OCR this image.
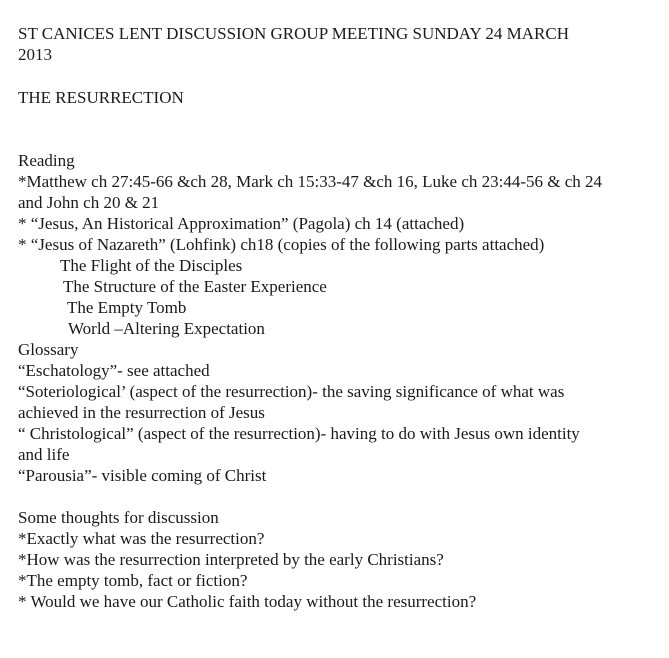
ST CANICES LENT DISCUSSION GROUP MEETING SUNDAY 24 MARCH
2013
THE RESURRECTION
Reading
*Matthew ch 27:45-66 &ch 28, Mark ch 15:33-47 &ch 16, Luke ch 23:44-56 & ch 24
and John ch 20 & 21
* “Jesus, An Historical Approximation” (Pagola) ch 14 (attached)
* “Jesus of Nazareth” (Lohfink) ch18 (copies of the following parts attached)
The Flight of the Disciples
The Structure of the Easter Experience
The Empty Tomb
World –Altering Expectation
Glossary
“Eschatology”- see attached
“Soteriological’ (aspect of the resurrection)- the saving significance of what was
achieved in the resurrection of Jesus
“ Christological” (aspect of the resurrection)- having to do with Jesus own identity
and life
“Parousia”- visible coming of Christ
Some thoughts for discussion
*Exactly what was the resurrection?
*How was the resurrection interpreted by the early Christians?
*The empty tomb, fact or fiction?
* Would we have our Catholic faith today without the resurrection?
